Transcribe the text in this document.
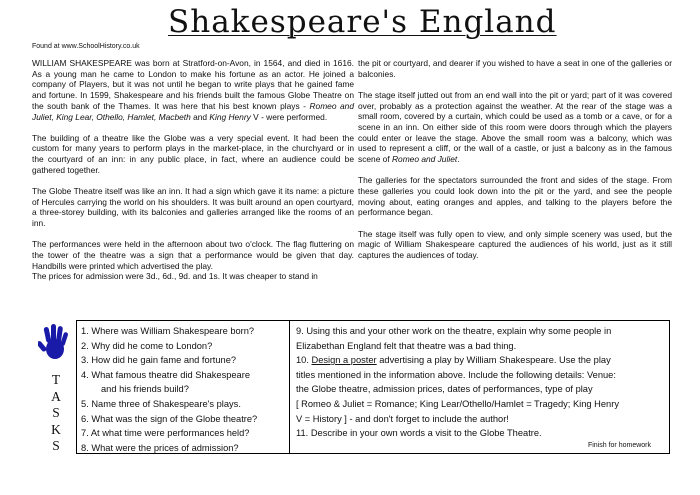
Shakespeare's England
Found at www.SchoolHistory.co.uk

WILLIAM SHAKESPEARE was born at Stratford-on-Avon, in 1564, and died in 1616. As a young man he came to London to make his fortune as an actor. He joined a company of Players, but it was not until he began to write plays that he gained fame and fortune. In 1599, Shakespeare and his friends built the famous Globe Theatre on the south bank of the Thames. It was here that his best known plays - Romeo and Juliet, King Lear, Othello, Hamlet, Macbeth and King Henry V - were performed.

The building of a theatre like the Globe was a very special event. It had been the custom for many years to perform plays in the market-place, in the churchyard or in the courtyard of an inn: in any public place, in fact, where an audience could be gathered together.

The Globe Theatre itself was like an inn. It had a sign which gave it its name: a picture of Hercules carrying the world on his shoulders. It was built around an open courtyard, a three-storey building, with its balconies and galleries arranged like the rooms of an inn.

The performances were held in the afternoon about two o'clock. The flag fluttering on the tower of the theatre was a sign that a performance would be given that day. Handbills were printed which advertised the play.

The prices for admission were 3d., 6d., 9d. and 1s. It was cheaper to stand in

the pit or courtyard, and dearer if you wished to have a seat in one of the galleries or balconies.

The stage itself jutted out from an end wall into the pit or yard; part of it was covered over, probably as a protection against the weather. At the rear of the stage was a small room, covered by a curtain, which could be used as a tomb or a cave, or for a scene in an inn. On either side of this room were doors through which the players could enter or leave the stage. Above the small room was a balcony, which was used to represent a cliff, or the wall of a castle, or just a balcony as in the famous scene of Romeo and Juliet.

The galleries for the spectators surrounded the front and sides of the stage. From these galleries you could look down into the pit or the yard, and see the people moving about, eating oranges and apples, and talking to the players before the performance began.

The stage itself was fully open to view, and only simple scenery was used, but the magic of William Shakespeare captured the audiences of his world, just as it still captures the audiences of today.

T
A
S
K
S
1. Where was William Shakespeare born?
2. Why did he come to London?
3. How did he gain fame and fortune?
4. What famous theatre did Shakespeare
and his friends build?
5. Name three of Shakespeare's plays.
6. What was the sign of the Globe theatre?
7. At what time were performances held?
8. What were the prices of admission?
9. Using this and your other work on the theatre, explain why some people in
Elizabethan England felt that theatre was a bad thing.
10. Design a poster advertising a play by William Shakespeare. Use the play
titles mentioned in the information above. Include the following details: Venue:
the Globe theatre, admission prices, dates of performances, type of play
[ Romeo & Juliet = Romance; King Lear/Othello/Hamlet = Tragedy; King Henry
V = History ] - and don't forget to include the author!
11. Describe in your own words a visit to the Globe Theatre.
Finish for homework
